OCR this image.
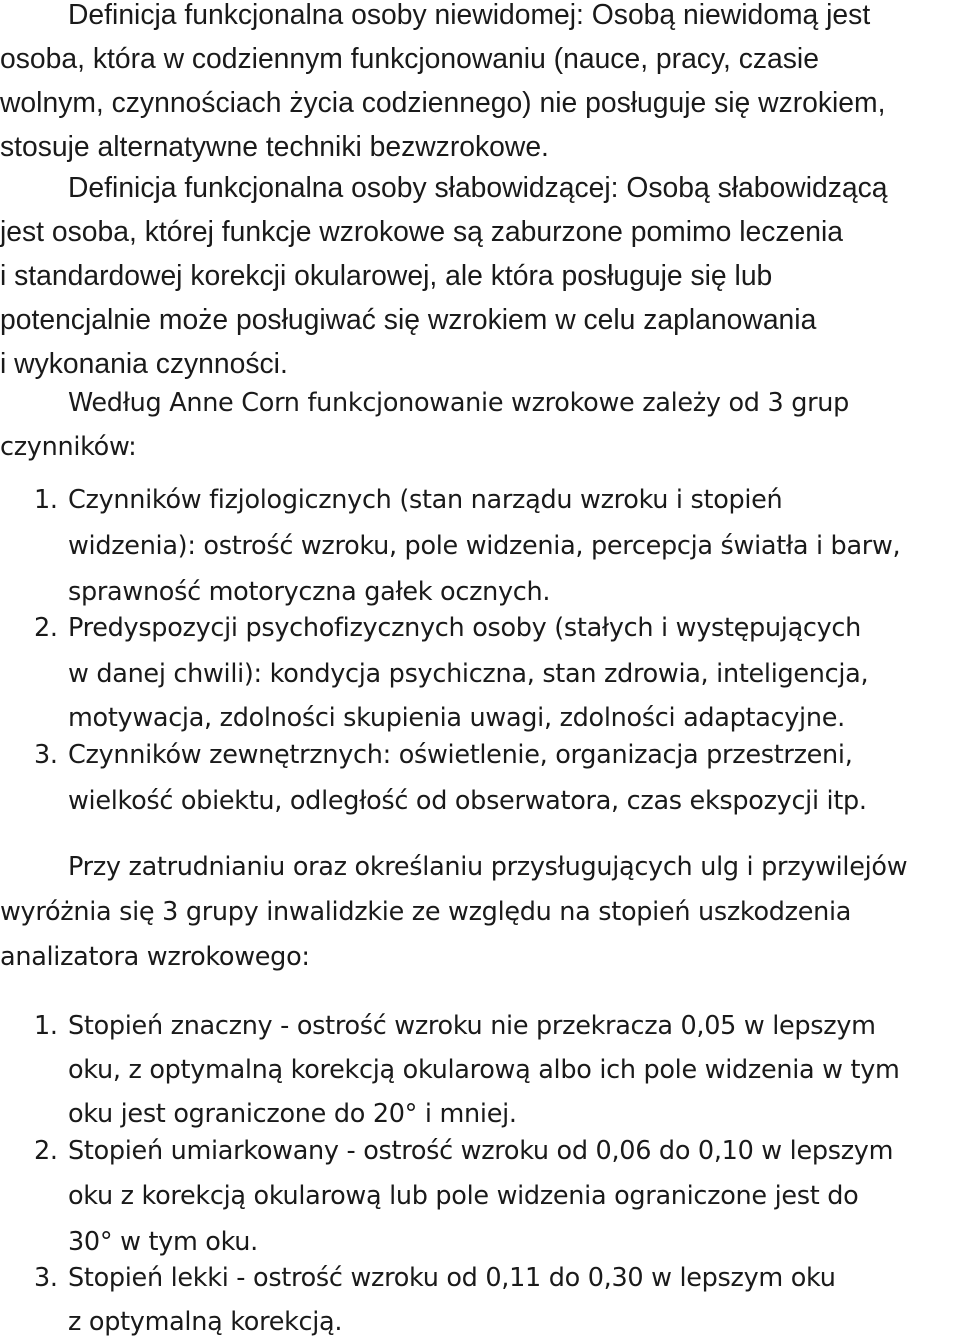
Definicja funkcjonalna osoby niewidomej: Osobą niewidomą jest
osoba, która w codziennym funkcjonowaniu (nauce, pracy, czasie
wolnym, czynnościach życia codziennego) nie posługuje się wzrokiem,
stosuje alternatywne techniki bezwzrokowe.
Definicja funkcjonalna osoby słabowidzącej: Osobą słabowidzącą
jest osoba, której funkcje wzrokowe są zaburzone pomimo leczenia
i standardowej korekcji okularowej, ale która posługuje się lub
potencjalnie może posługiwać się wzrokiem w celu zaplanowania
i wykonania czynności.
Według Anne Corn funkcjonowanie wzrokowe zależy od 3 grup
czynników:
1. Czynników fizjologicznych (stan narządu wzroku i stopień
widzenia): ostrość wzroku, pole widzenia, percepcja światła i barw,
sprawność motoryczna gałek ocznych.
2. Predyspozycji psychofizycznych osoby (stałych i występujących
w danej chwili): kondycja psychiczna, stan zdrowia, inteligencja,
motywacja, zdolności skupienia uwagi, zdolności adaptacyjne.
3. Czynników zewnętrznych: oświetlenie, organizacja przestrzeni,
wielkość obiektu, odległość od obserwatora, czas ekspozycji itp.
Przy zatrudnianiu oraz określaniu przysługujących ulg i przywilejów
wyróżnia się 3 grupy inwalidzkie ze względu na stopień uszkodzenia
analizatora wzrokowego:
1. Stopień znaczny - ostrość wzroku nie przekracza 0,05 w lepszym
oku, z optymalną korekcją okularową albo ich pole widzenia w tym
oku jest ograniczone do 20° i mniej.
2. Stopień umiarkowany - ostrość wzroku od 0,06 do 0,10 w lepszym
oku z korekcją okularową lub pole widzenia ograniczone jest do
30° w tym oku.
3. Stopień lekki - ostrość wzroku od 0,11 do 0,30 w lepszym oku
z optymalną korekcją.
